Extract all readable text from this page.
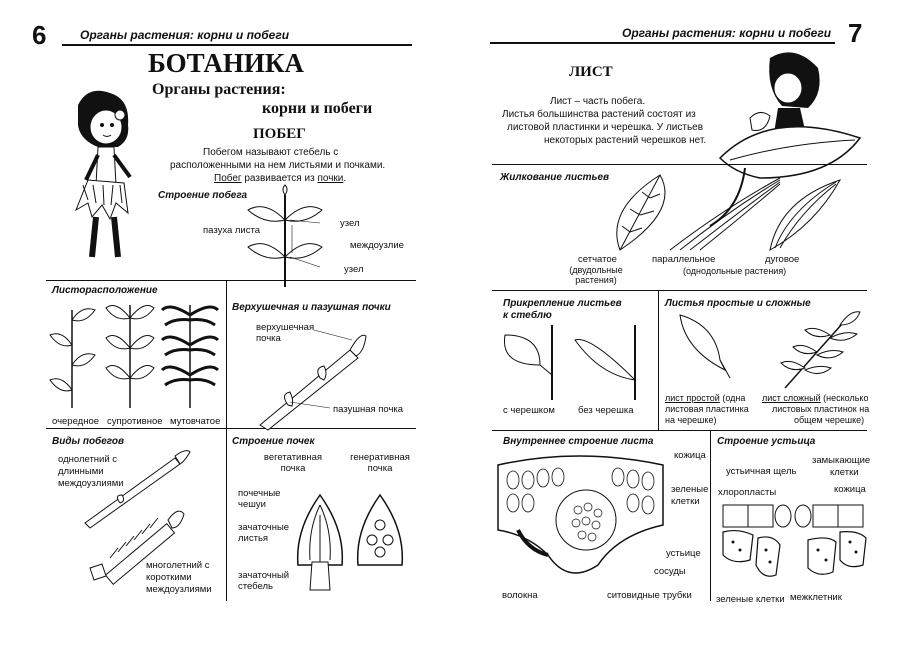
6	Органы растения: корни и побеги
БОТАНИКА
Органы растения:
корни и побеги
ПОБЕГ
Побегом называют стебель с
расположенными на нем листьями и почками.
Побег развивается из почки.
Строение побега
пазуха листа
узел
междоузлие
узел
Листорасположение
очередное супротивное мутовчатое
Верхушечная и пазушная почки
верхушечная почка
пазушная почка
Виды побегов
однолетний с
длинными
междоузлиями
многолетний с
короткими
междоузлиями
Строение почек
вегетативная почка
генеративная почка
почечные чешуи
зачаточные листья
зачаточный стебель
Органы растения: корни и побеги 7
ЛИСТ
Лист – часть побега.
Листья большинства растений состоят из
листовой пластинки и черешка. У листьев
некоторых растений черешков нет.
Жилкование листьев
сетчатое
(двудольные
растения)
параллельное	дуговое
(однодольные растения)
Прикрепление листьев
к стеблю
с черешком без черешка
Листья простые и сложные
лист простой (одна
листовая пластинка
на черешке)
лист сложный (несколько
листовых пластинок на
общем черешке)
Внутреннее строение листа
кожица
зеленые
клетки
устьице
сосуды
волокна	ситовидные трубки
Строение устьица
устьичная щель
замыкающие
клетки
хлоропласты	кожица
зеленые клетки межклетник
